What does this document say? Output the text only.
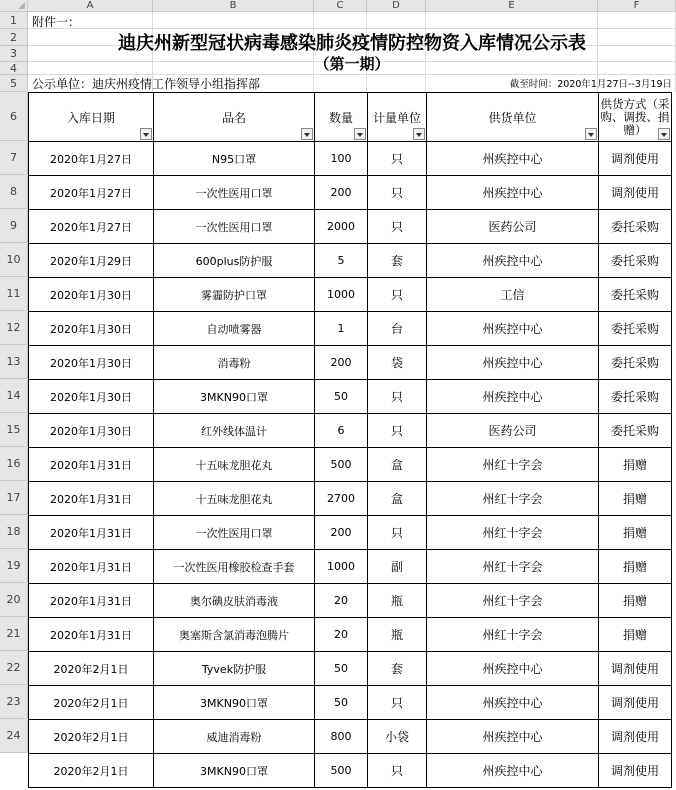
A	B	C	D	E	F
1
2
3
4
5
6
7
8
9
10
11
12
13
14
15
16
17
18
19
20
21
22
23
24
附件一：
迪庆州新型冠状病毒感染肺炎疫情防控物资入库情况公示表
（第一期）
公示单位：迪庆州疫情工作领导小组指挥部	截至时间：2020年1月27日--3月19日
入库日期	品名	数量	计量单位	供货单位	供货方式（采购、调拨、捐赠）

2020年1月27日	N95口罩	100	只	州疾控中心	调剂使用
2020年1月27日	一次性医用口罩	200	只	州疾控中心	调剂使用
2020年1月27日	一次性医用口罩	2000	只	医药公司	委托采购
2020年1月29日	600plus防护服	5	套	州疾控中心	委托采购
2020年1月30日	雾霾防护口罩	1000	只	工信	委托采购
2020年1月30日	自动喷雾器	1	台	州疾控中心	委托采购
2020年1月30日	消毒粉	200	袋	州疾控中心	委托采购
2020年1月30日	3MKN90口罩	50	只	州疾控中心	委托采购
2020年1月30日	红外线体温计	6	只	医药公司	委托采购
2020年1月31日	十五味龙胆花丸	500	盒	州红十字会	捐赠
2020年1月31日	十五味龙胆花丸	2700	盒	州红十字会	捐赠
2020年1月31日	一次性医用口罩	200	只	州红十字会	捐赠
2020年1月31日	一次性医用橡胶检查手套	1000	副	州红十字会	捐赠
2020年1月31日	奥尔碘皮肤消毒液	20	瓶	州红十字会	捐赠
2020年1月31日	奥塞斯含氯消毒泡腾片	20	瓶	州红十字会	捐赠
2020年2月1日	Tyvek防护服	50	套	州疾控中心	调剂使用
2020年2月1日	3MKN90口罩	50	只	州疾控中心	调剂使用
2020年2月1日	威迪消毒粉	800	小袋	州疾控中心	调剂使用
2020年2月1日	3MKN90口罩	500	只	州疾控中心	调剂使用
